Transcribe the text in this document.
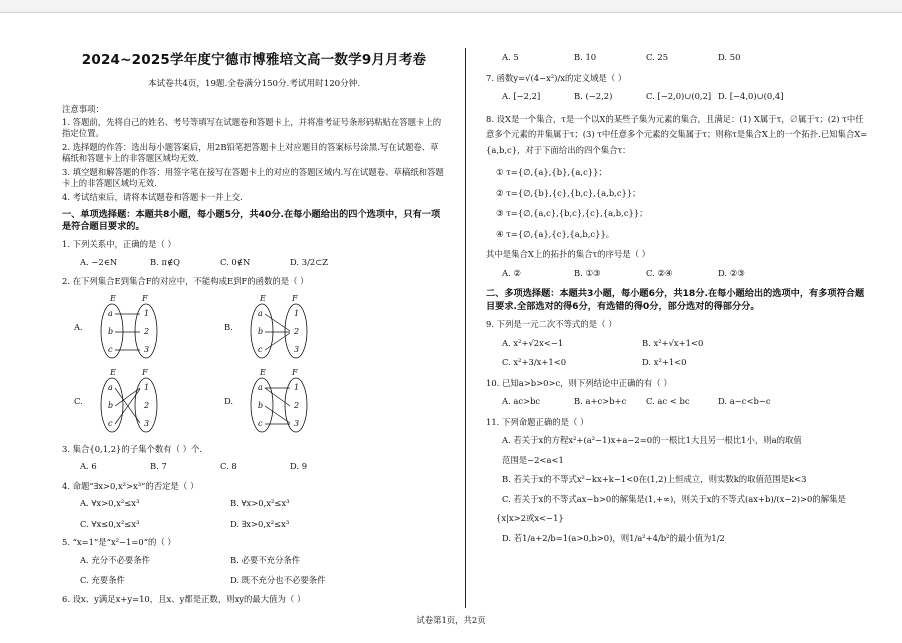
2024~2025学年度宁德市博雅培文高一数学9月月考卷
本试卷共4页，19题.全卷满分150分.考试用时120分钟.
注意事项：
1. 答题前，先将自己的姓名、考号等填写在试题卷和答题卡上，并将准考证号条形码粘贴在答题卡上的指定位置。
2. 选择题的作答：选出每小题答案后，用2B铅笔把答题卡上对应题目的答案标号涂黑.写在试题卷、草稿纸和答题卡上的非答题区域均无效.
3. 填空题和解答题的作答：用签字笔在接写在答题卡上的对应的答题区域内.写在试题卷、草稿纸和答题卡上的非答题区域均无效.
4. 考试结束后，请将本试题卷和答题卡一并上交.
一、单项选择题：本题共8小题，每小题5分，共40分.在每小题给出的四个选项中，只有一项是符合题目要求的。
1. 下列关系中，正确的是（ ）
A. −2∈N	B. π∉Q	C. 0∉N	D. 3/2⊂Z
2. 在下列集合E到集合F的对应中，不能构成E到F的函数的是（ ）
A.
E	F
a
b
c
1
2
3
B.
E	F
a
b
c
1
2
3
C.
E	F
a
b
c
1
2
3
D.
E	F
a
b
c
1
2
3
3. 集合{0,1,2}的子集个数有（ ）个.
A. 6	B. 7	C. 8	D. 9
4. 命题“∃x>0,x²>x³”的否定是（ ）
A. ∀x>0,x²≤x³	B. ∀x>0,x²≤x³
C. ∀x≤0,x²≤x³	D. ∃x>0,x²≤x³
5. “x=1”是“x²−1=0”的（ ）
A. 充分不必要条件	B. 必要不充分条件
C. 充要条件	D. 既不充分也不必要条件
6. 设x、y满足x+y=10，且x、y都是正数，则xy的最大值为（ ）
A. 5	B. 10	C. 25	D. 50
7. 函数y=√(4−x²)/x的定义域是（ ）
A. [−2,2]	B. (−2,2)	C. [−2,0)∪(0,2] D. [−4,0)∪(0,4]
8. 设X是一个集合，τ是一个以X的某些子集为元素的集合，且满足：(1) X属于τ，∅属于τ；(2) τ中任意多个元素的并集属于τ；(3) τ中任意多个元素的交集属于τ；则称τ是集合X上的一个拓扑.已知集合X={a,b,c}，对于下面给出的四个集合τ：
① τ={∅,{a},{b},{a,c}}；
② τ={∅,{b},{c},{b,c},{a,b,c}}；
③ τ={∅,{a,c},{b,c},{c},{a,b,c}}；
④ τ={∅,{a},{c},{a,b,c}}。
其中是集合X上的拓扑的集合τ的序号是（ ）
A. ②	B. ①③	C. ②④	D. ②③
二、多项选择题：本题共3小题，每小题6分，共18分.在每小题给出的选项中，有多项符合题目要求.全部选对的得6分，有选错的得0分，部分选对的得部分分。
9. 下列是一元二次不等式的是（ ）
A. x²+√2x<−1	B. x²+√x+1<0
C. x²+3/x+1<0	D. x²+1<0
10. 已知a>b>0>c，则下列结论中正确的有（ ）
A. ac>bc	B. a+c>b+c	C. ac < bc	D. a−c<b−c
11. 下列命题正确的是（ ）
A. 若关于x的方程x²+(a²−1)x+a−2=0的一根比1大且另一根比1小，则a的取值
范围是−2<a<1
B. 若关于x的不等式x²−kx+k−1<0在(1,2)上恒成立，则实数k的取值范围是k<3
C. 若关于x的不等式ax−b>0的解集是(1,+∞)，则关于x的不等式(ax+b)/(x−2)>0的解集是
{x|x>2或x<−1}
D. 若1/a+2/b=1(a>0,b>0)，则1/a²+4/b²的最小值为1/2
试卷第1页，共2页
